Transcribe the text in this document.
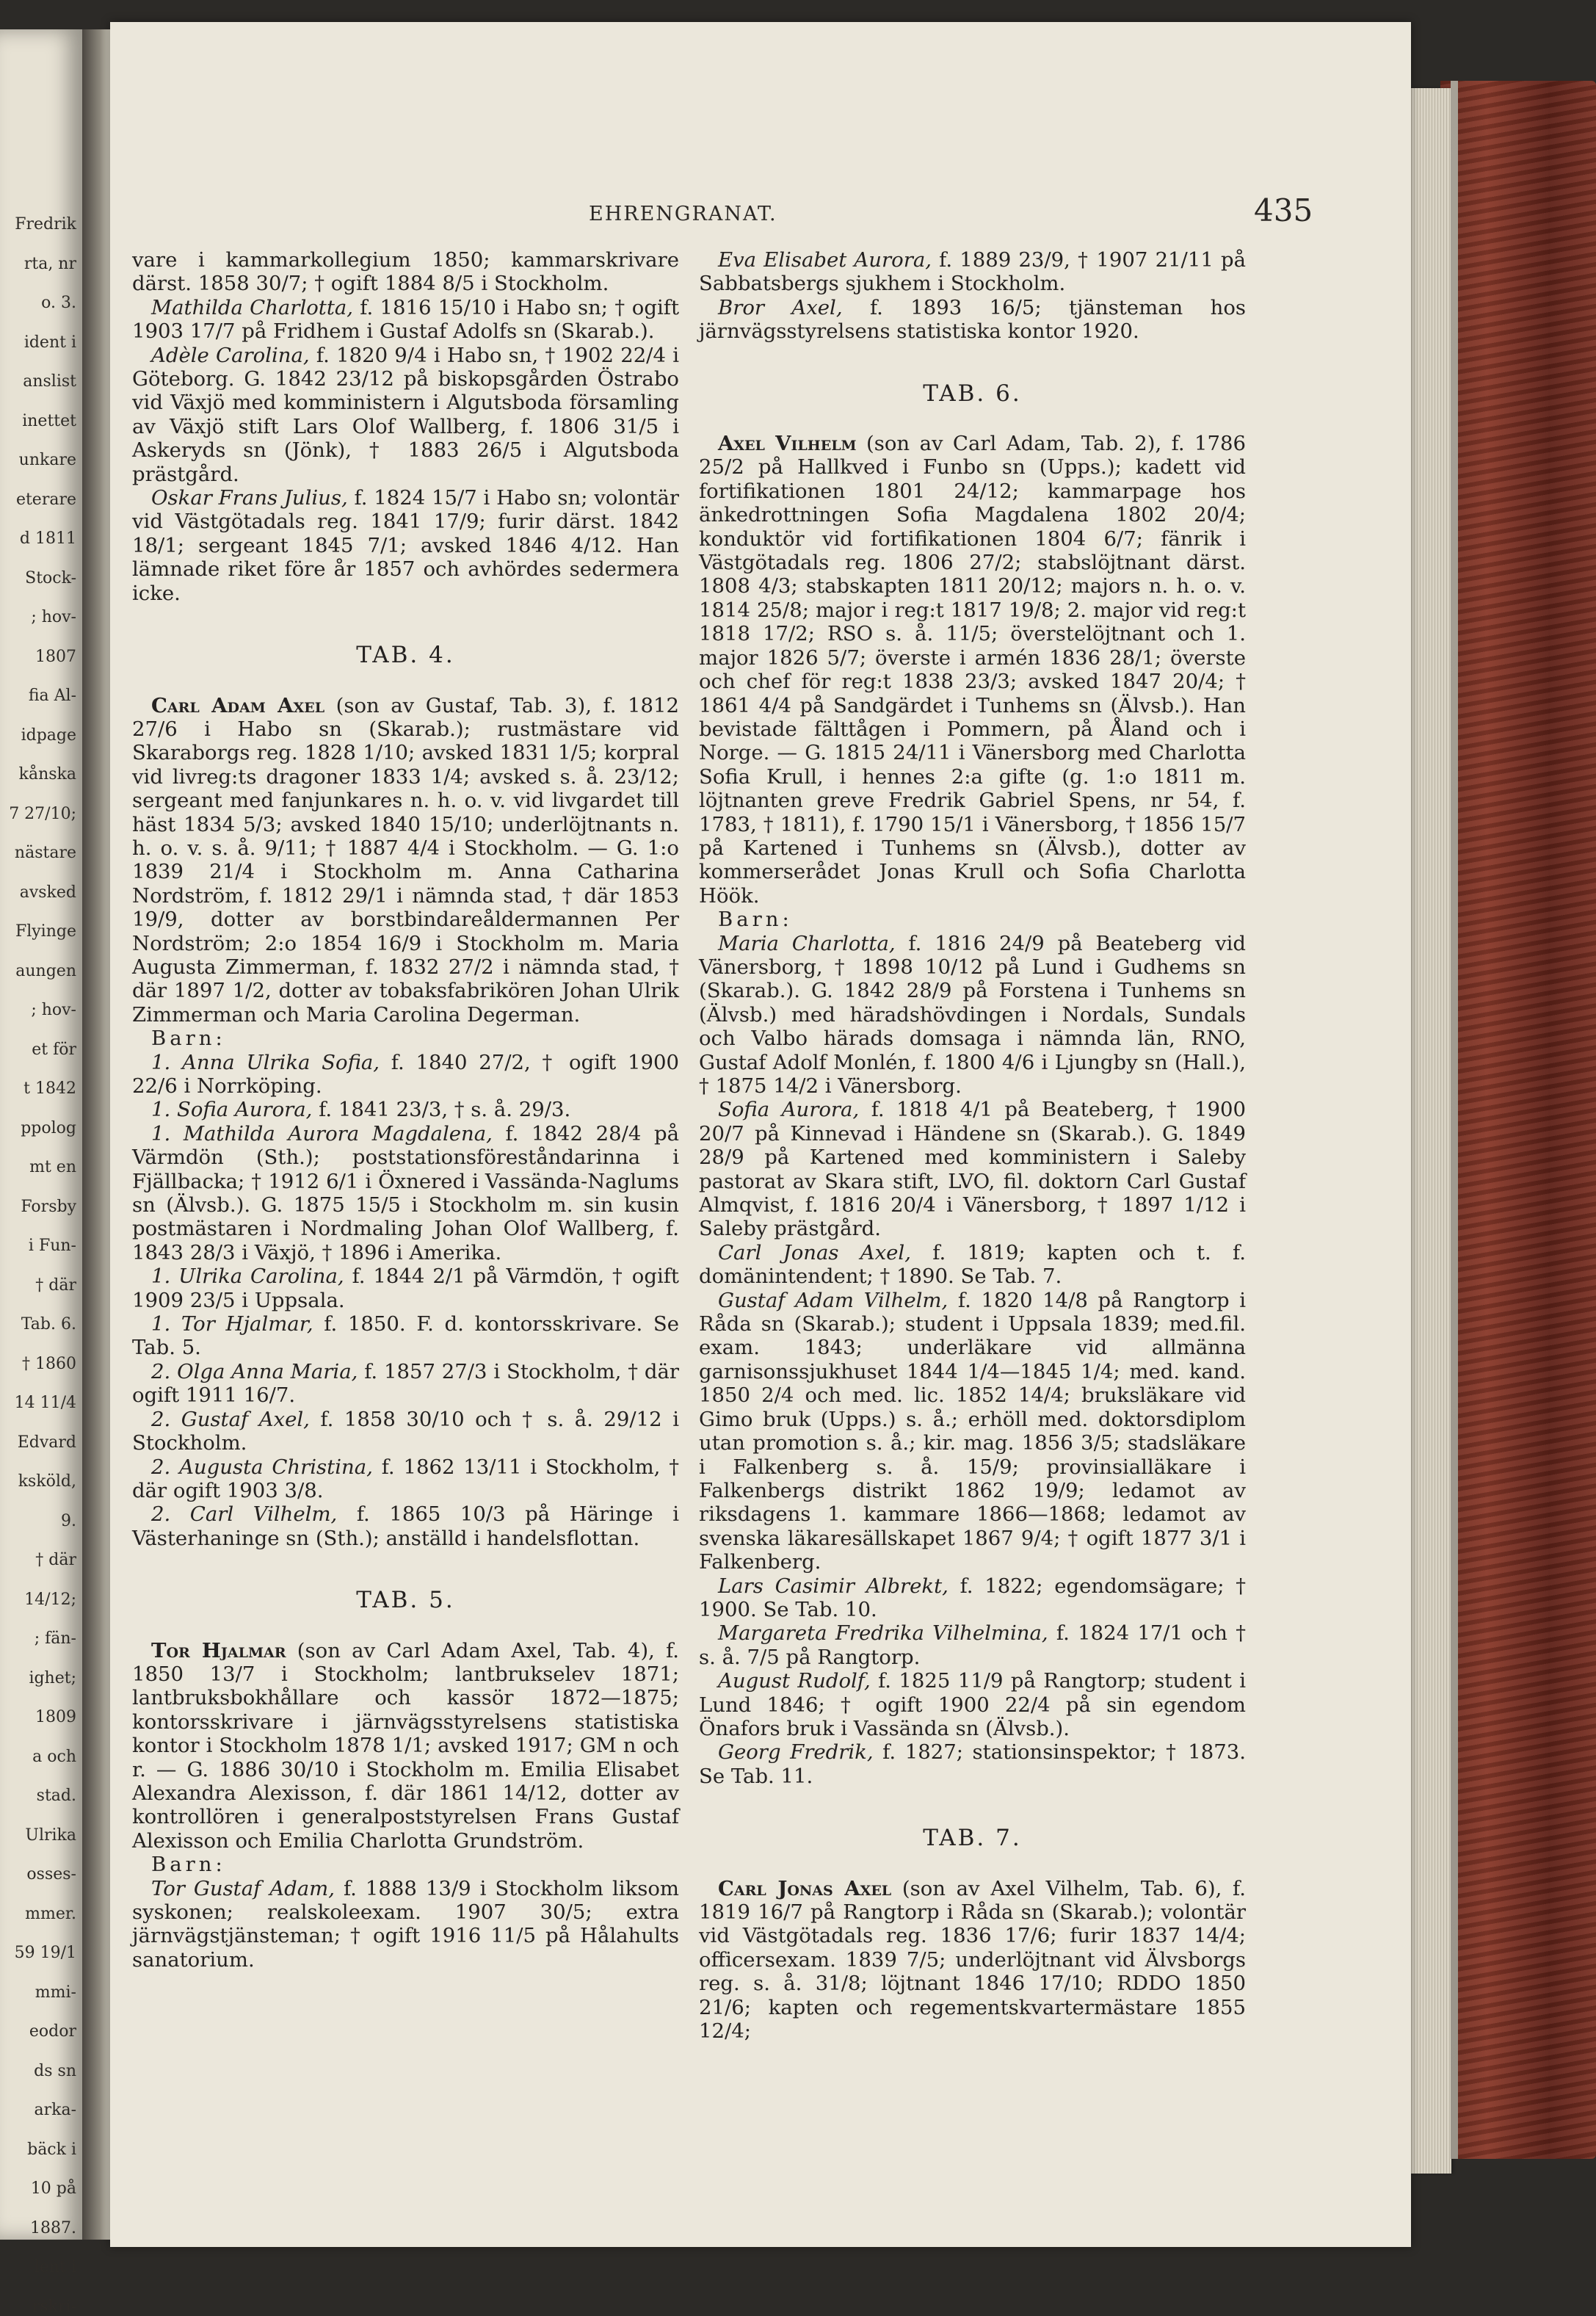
Fredrik
rta, nr
o. 3.
ident i
anslist
inettet
unkare
eterare
d 1811
Stock-
; hov-
1807
fia Al-
idpage
kånska
7 27/10;
nästare
avsked
Flyinge
aungen
; hov-
et för
t 1842
ppolog
mt en
Forsby
i Fun-
† där
Tab. 6.
† 1860
14 11/4
Edvard
ksköld,
9.
† där
14/12;
; fän-
ighet;
1809
a och
stad.
Ulrika
osses-
mmer.
59 19/1
mmi-
eodor
ds sn
arka-
bäck i
10 på
1887.
lent i
rskri-
EHRENGRANAT.	435

vare i kammarkollegium 1850; kammarskrivare därst. 1858 30/7; † ogift 1884 8/5 i Stockholm.

Mathilda Charlotta, f. 1816 15/10 i Habo sn; † ogift 1903 17/7 på Fridhem i Gustaf Adolfs sn (Skarab.).

Adèle Carolina, f. 1820 9/4 i Habo sn, † 1902 22/4 i Göteborg. G. 1842 23/12 på biskopsgården Östrabo vid Växjö med komministern i Algutsboda församling av Växjö stift Lars Olof Wallberg, f. 1806 31/5 i Askeryds sn (Jönk), † 1883 26/5 i Algutsboda prästgård.

Oskar Frans Julius, f. 1824 15/7 i Habo sn; volontär vid Västgötadals reg. 1841 17/9; furir därst. 1842 18/1; sergeant 1845 7/1; avsked 1846 4/12. Han lämnade riket före år 1857 och avhördes sedermera icke.

TAB. 4.

Carl Adam Axel (son av Gustaf, Tab. 3), f. 1812 27/6 i Habo sn (Skarab.); rustmästare vid Skaraborgs reg. 1828 1/10; avsked 1831 1/5; korpral vid livreg:ts dragoner 1833 1/4; avsked s. å. 23/12; sergeant med fanjunkares n. h. o. v. vid livgardet till häst 1834 5/3; avsked 1840 15/10; underlöjtnants n. h. o. v. s. å. 9/11; † 1887 4/4 i Stockholm. — G. 1:o 1839 21/4 i Stockholm m. Anna Catharina Nordström, f. 1812 29/1 i nämnda stad, † där 1853 19/9, dotter av borstbindareåldermannen Per Nordström; 2:o 1854 16/9 i Stockholm m. Maria Augusta Zimmerman, f. 1832 27/2 i nämnda stad, † där 1897 1/2, dotter av tobaksfabrikören Johan Ulrik Zimmerman och Maria Carolina Degerman.

Barn:

1. Anna Ulrika Sofia, f. 1840 27/2, † ogift 1900 22/6 i Norrköping.

1. Sofia Aurora, f. 1841 23/3, † s. å. 29/3.

1. Mathilda Aurora Magdalena, f. 1842 28/4 på Värmdön (Sth.); poststationsföreståndarinna i Fjällbacka; † 1912 6/1 i Öxnered i Vassända-Naglums sn (Älvsb.). G. 1875 15/5 i Stockholm m. sin kusin postmästaren i Nordmaling Johan Olof Wallberg, f. 1843 28/3 i Växjö, † 1896 i Amerika.

1. Ulrika Carolina, f. 1844 2/1 på Värmdön, † ogift 1909 23/5 i Uppsala.

1. Tor Hjalmar, f. 1850. F. d. kontorsskrivare. Se Tab. 5.

2. Olga Anna Maria, f. 1857 27/3 i Stockholm, † där ogift 1911 16/7.

2. Gustaf Axel, f. 1858 30/10 och † s. å. 29/12 i Stockholm.

2. Augusta Christina, f. 1862 13/11 i Stockholm, † där ogift 1903 3/8.

2. Carl Vilhelm, f. 1865 10/3 på Häringe i Västerhaninge sn (Sth.); anställd i handelsflottan.

TAB. 5.

Tor Hjalmar (son av Carl Adam Axel, Tab. 4), f. 1850 13/7 i Stockholm; lantbrukselev 1871; lantbruksbokhållare och kassör 1872—1875; kontorsskrivare i järnvägsstyrelsens statistiska kontor i Stockholm 1878 1/1; avsked 1917; GM n och r. — G. 1886 30/10 i Stockholm m. Emilia Elisabet Alexandra Alexisson, f. där 1861 14/12, dotter av kontrollören i generalpoststyrelsen Frans Gustaf Alexisson och Emilia Charlotta Grundström.

Barn:

Tor Gustaf Adam, f. 1888 13/9 i Stockholm liksom syskonen; realskoleexam. 1907 30/5; extra järnvägstjänsteman; † ogift 1916 11/5 på Hålahults sanatorium.

Eva Elisabet Aurora, f. 1889 23/9, † 1907 21/11 på Sabbatsbergs sjukhem i Stockholm.

Bror Axel, f. 1893 16/5; tjänsteman hos järnvägsstyrelsens statistiska kontor 1920.

TAB. 6.

Axel Vilhelm (son av Carl Adam, Tab. 2), f. 1786 25/2 på Hallkved i Funbo sn (Upps.); kadett vid fortifikationen 1801 24/12; kammarpage hos änkedrottningen Sofia Magdalena 1802 20/4; konduktör vid fortifikationen 1804 6/7; fänrik i Västgötadals reg. 1806 27/2; stabslöjtnant därst. 1808 4/3; stabskapten 1811 20/12; majors n. h. o. v. 1814 25/8; major i reg:t 1817 19/8; 2. major vid reg:t 1818 17/2; RSO s. å. 11/5; överstelöjtnant och 1. major 1826 5/7; överste i armén 1836 28/1; överste och chef för reg:t 1838 23/3; avsked 1847 20/4; † 1861 4/4 på Sandgärdet i Tunhems sn (Älvsb.). Han bevistade fälttågen i Pommern, på Åland och i Norge. — G. 1815 24/11 i Vänersborg med Charlotta Sofia Krull, i hennes 2:a gifte (g. 1:o 1811 m. löjtnanten greve Fredrik Gabriel Spens, nr 54, f. 1783, † 1811), f. 1790 15/1 i Vänersborg, † 1856 15/7 på Kartened i Tunhems sn (Älvsb.), dotter av kommerserådet Jonas Krull och Sofia Charlotta Höök.

Barn:

Maria Charlotta, f. 1816 24/9 på Beateberg vid Vänersborg, † 1898 10/12 på Lund i Gudhems sn (Skarab.). G. 1842 28/9 på Forstena i Tunhems sn (Älvsb.) med häradshövdingen i Nordals, Sundals och Valbo härads domsaga i nämnda län, RNO, Gustaf Adolf Monlén, f. 1800 4/6 i Ljungby sn (Hall.), † 1875 14/2 i Vänersborg.

Sofia Aurora, f. 1818 4/1 på Beateberg, † 1900 20/7 på Kinnevad i Händene sn (Skarab.). G. 1849 28/9 på Kartened med komministern i Saleby pastorat av Skara stift, LVO, fil. doktorn Carl Gustaf Almqvist, f. 1816 20/4 i Vänersborg, † 1897 1/12 i Saleby prästgård.

Carl Jonas Axel, f. 1819; kapten och t. f. domänintendent; † 1890. Se Tab. 7.

Gustaf Adam Vilhelm, f. 1820 14/8 på Rangtorp i Råda sn (Skarab.); student i Uppsala 1839; med.fil. exam. 1843; underläkare vid allmänna garnisonssjukhuset 1844 1/4—1845 1/4; med. kand. 1850 2/4 och med. lic. 1852 14/4; bruksläkare vid Gimo bruk (Upps.) s. å.; erhöll med. doktorsdiplom utan promotion s. å.; kir. mag. 1856 3/5; stadsläkare i Falkenberg s. å. 15/9; provinsialläkare i Falkenbergs distrikt 1862 19/9; ledamot av riksdagens 1. kammare 1866—1868; ledamot av svenska läkaresällskapet 1867 9/4; † ogift 1877 3/1 i Falkenberg.

Lars Casimir Albrekt, f. 1822; egendomsägare; † 1900. Se Tab. 10.

Margareta Fredrika Vilhelmina, f. 1824 17/1 och † s. å. 7/5 på Rangtorp.

August Rudolf, f. 1825 11/9 på Rangtorp; student i Lund 1846; † ogift 1900 22/4 på sin egendom Önafors bruk i Vassända sn (Älvsb.).

Georg Fredrik, f. 1827; stationsinspektor; † 1873. Se Tab. 11.

TAB. 7.

Carl Jonas Axel (son av Axel Vilhelm, Tab. 6), f. 1819 16/7 på Rangtorp i Råda sn (Skarab.); volontär vid Västgötadals reg. 1836 17/6; furir 1837 14/4; officersexam. 1839 7/5; underlöjtnant vid Älvsborgs reg. s. å. 31/8; löjtnant 1846 17/10; RDDO 1850 21/6; kapten och regementskvartermästare 1855 12/4;
